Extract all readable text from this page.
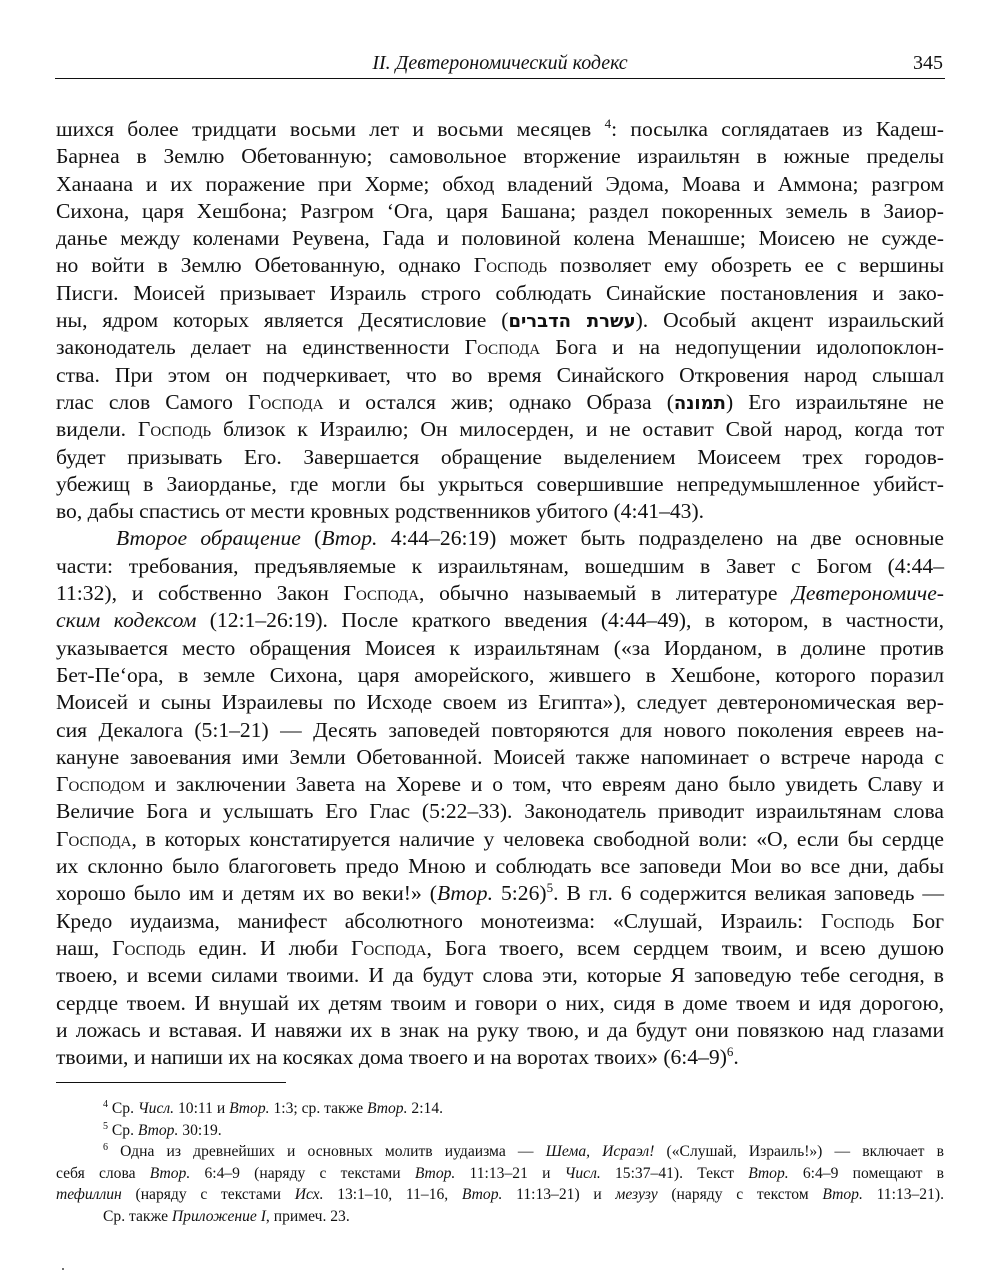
II. Девтерономический кодекс	345
шихся более тридцати восьми лет и восьми месяцев $^4$: посылка соглядатаев из Кадеш-
Барнеа в Землю Обетованную; самовольное вторжение израильтян в южные пределы
Ханаана и их поражение при Хорме; обход владений Эдома, Моава и Аммона; разгром
Сихона, царя Хешбона; Разгром ‘Ога, царя Башана; раздел покоренных земель в Заиор-
данье между коленами Реувена, Гада и половиной колена Менашше; Моисею не сужде-
но войти в Землю Обетованную, однако Господь позволяет ему обозреть ее с вершины
Писги. Моисей призывает Израиль строго соблюдать Синайские постановления и зако-
ны, ядром которых является Десятисловие (עשרת הדברים). Особый акцент израильский
законодатель делает на единственности Господа Бога и на недопущении идолопоклон-
ства. При этом он подчеркивает, что во время Синайского Откровения народ слышал
глас слов Самого Господа и остался жив; однако Образа (תמונה) Его израильтяне не
видели. Господь близок к Израилю; Он милосерден, и не оставит Свой народ, когда тот
будет призывать Его. Завершается обращение выделением Моисеем трех городов-
убежищ в Заиорданье, где могли бы укрыться совершившие непредумышленное убийст-
во, дабы спастись от мести кровных родственников убитого (4:41–43).
Второе обращение (Втор. 4:44–26:19) может быть подразделено на две основные
части: требования, предъявляемые к израильтянам, вошедшим в Завет с Богом (4:44–
11:32), и собственно Закон Господа, обычно называемый в литературе Девтерономиче-
ским кодексом (12:1–26:19). После краткого введения (4:44–49), в котором, в частности,
указывается место обращения Моисея к израильтянам («за Иорданом, в долине против
Бет-Пе‘ора, в земле Сихона, царя аморейского, жившего в Хешбоне, которого поразил
Моисей и сыны Израилевы по Исходе своем из Египта»), следует девтерономическая вер-
сия Декалога (5:1–21) — Десять заповедей повторяются для нового поколения евреев на-
кануне завоевания ими Земли Обетованной. Моисей также напоминает о встрече народа с
Господом и заключении Завета на Хореве и о том, что евреям дано было увидеть Славу и
Величие Бога и услышать Его Глас (5:22–33). Законодатель приводит израильтянам слова
Господа, в которых констатируется наличие у человека свободной воли: «О, если бы сердце
их склонно было благоговеть предо Мною и соблюдать все заповеди Мои во все дни, дабы
хорошо было им и детям их во веки!» (Втор. 5:26)$^5$. В гл. 6 содержится великая заповедь —
Кредо иудаизма, манифест абсолютного монотеизма: «Слушай, Израиль: Господь Бог
наш, Господь един. И люби Господа, Бога твоего, всем сердцем твоим, и всею душою
твоею, и всеми силами твоими. И да будут слова эти, которые Я заповедую тебе сегодня, в
сердце твоем. И внушай их детям твоим и говори о них, сидя в доме твоем и идя дорогою,
и ложась и вставая. И навяжи их в знак на руку твою, и да будут они повязкою над глазами
твоими, и напиши их на косяках дома твоего и на воротах твоих» (6:4–9)$^6$.
$^4$ Ср. Числ. 10:11 и Втор. 1:3; ср. также Втор. 2:14.
$^5$ Ср. Втор. 30:19.
$^6$ Одна из древнейших и основных молитв иудаизма — Шема, Исраэл! («Слушай, Израиль!») — включает в
себя слова Втор. 6:4–9 (наряду с текстами Втор. 11:13–21 и Числ. 15:37–41). Текст Втор. 6:4–9 помещают в
тефиллин (наряду с текстами Исх. 13:1–10, 11–16, Втор. 11:13–21) и мезузу (наряду с текстом Втор. 11:13–21).
Ср. также Приложение I, примеч. 23.
